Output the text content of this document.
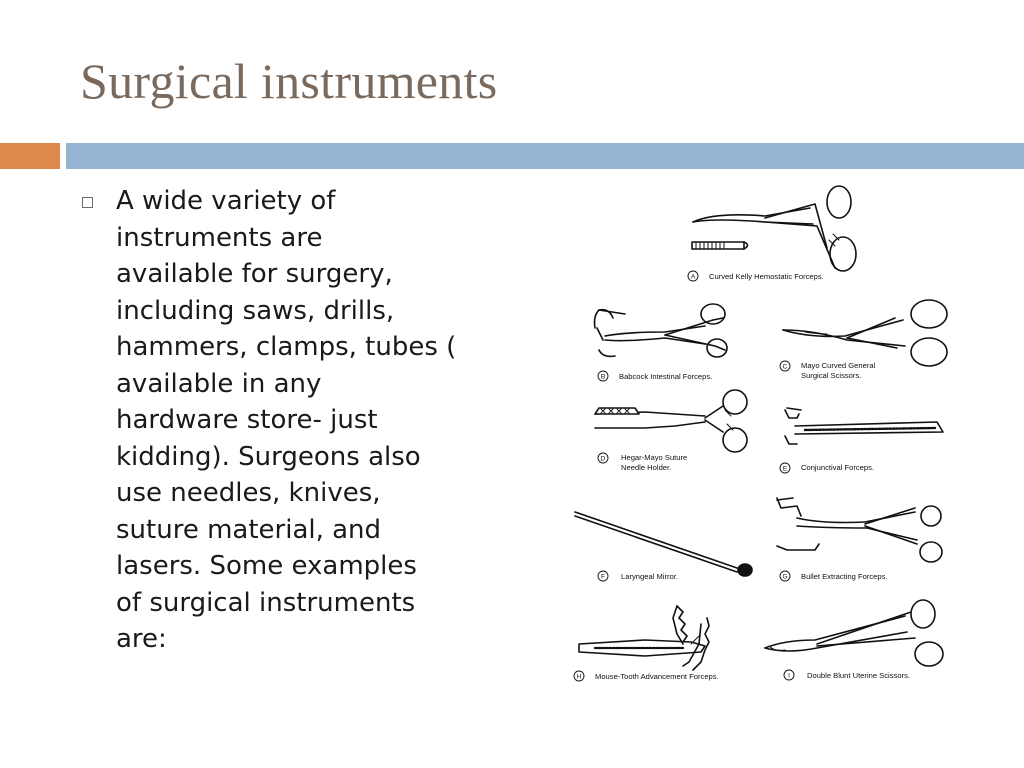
Surgical instruments
A wide variety of
instruments are
available for surgery,
including saws, drills,
hammers, clamps, tubes (
available in any
hardware store- just
kidding). Surgeons also
use needles, knives,
suture material, and
lasers. Some examples
of surgical instruments
are:
A
B
C
D
E
F	G
H	I
Curved Kelly Hemostatic Forceps.
Babcock Intestinal Forceps.
Mayo Curved General
Surgical Scissors.
Hegar-Mayo Suture
Needle Holder.	Conjunctival Forceps.
Laryngeal Mirror.	Bullet Extracting Forceps.
Mouse-Tooth Advancement Forceps.	Double Blunt Uterine Scissors.
